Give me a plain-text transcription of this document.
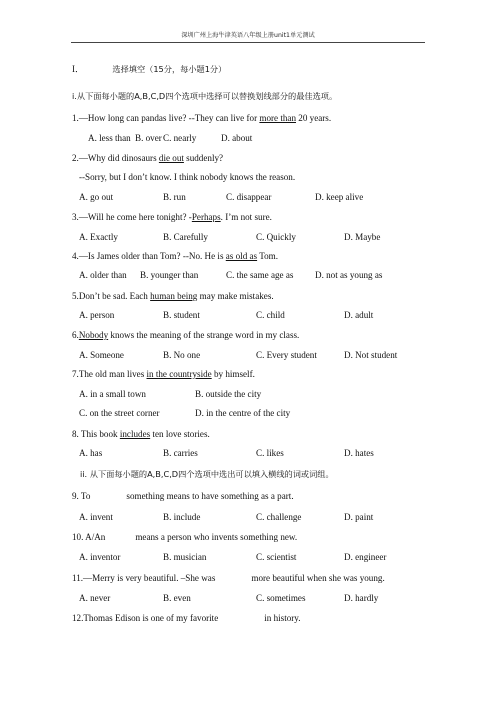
深圳广州上海牛津英语八年级上册unit1单元测试
I．	选择填空（15分，每小题1分）
i.从下面每小题的A,B,C,D四个选项中选择可以替换划线部分的最佳选项。
1.—How long can pandas live? --They can live for more than 20 years.
A. less than B. over C. nearly	D. about
2.—Why did dinosaurs die out suddenly?
--Sorry, but I don’t know. I think nobody knows the reason.
A. go out	B. run	C. disappear	D. keep alive
3.—Will he come here tonight? -Perhaps. I’m not sure.
A. Exactly	B. Carefully	C. Quickly	D. Maybe
4.—Is James older than Tom? --No. He is as old as Tom.
A. older than B. younger than	C. the same age as D. not as young as
5.Don’t be sad. Each human being may make mistakes.
A. person	B. student	C. child	D. adult
6.Nobody knows the meaning of the strange word in my class.
A. Someone	B. No one	C. Every student	D. Not student
7.The old man lives in the countryside by himself.
A. in a small town	B. outside the city
C. on the street corner	D. in the centre of the city
8. This book includes ten love stories.
A. has	B. carries	C. likes	D. hates
ii. 从下面每小题的A,B,C,D四个选项中选出可以填入横线的词或词组。
9. To	something means to have something as a part.
A. invent	B. include	C. challenge	D. paint
10. A/An	means a person who invents something new.
A. inventor	B. musician	C. scientist	D. engineer
11.—Merry is very beautiful. –She was	more beautiful when she was young.
A. never	B. even	C. sometimes	D. hardly
12.Thomas Edison is one of my favorite	in history.
